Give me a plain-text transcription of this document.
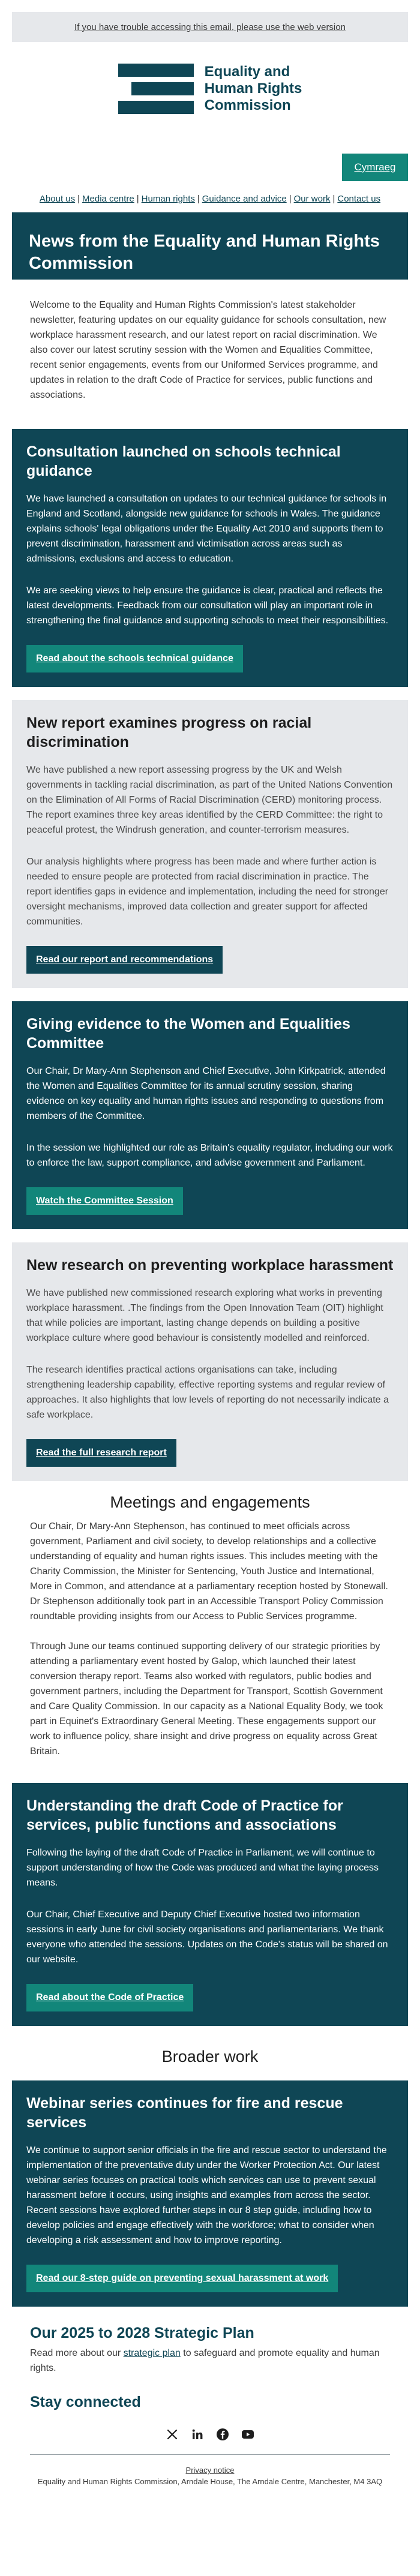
If you have trouble accessing this email, please use the web version
Equality and
Human Rights
Commission
Cymraeg
About us | Media centre | Human rights | Guidance and advice | Our work | Contact us
News from the Equality and Human Rights Commission

Welcome to the Equality and Human Rights Commission's latest stakeholder newsletter, featuring updates on our equality guidance for schools consultation, new workplace harassment research, and our latest report on racial discrimination. We also cover our latest scrutiny session with the Women and Equalities Committee, recent senior engagements, events from our Uniformed Services programme, and updates in relation to the draft Code of Practice for services, public functions and associations.

Consultation launched on schools technical guidance

We have launched a consultation on updates to our technical guidance for schools in England and Scotland, alongside new guidance for schools in Wales. The guidance explains schools' legal obligations under the Equality Act 2010 and supports them to prevent discrimination, harassment and victimisation across areas such as admissions, exclusions and access to education.

We are seeking views to help ensure the guidance is clear, practical and reflects the latest developments. Feedback from our consultation will play an important role in strengthening the final guidance and supporting schools to meet their responsibilities.

Read about the schools technical guidance
New report examines progress on racial discrimination

We have published a new report assessing progress by the UK and Welsh governments in tackling racial discrimination, as part of the United Nations Convention on the Elimination of All Forms of Racial Discrimination (CERD) monitoring process. The report examines three key areas identified by the CERD Committee: the right to peaceful protest, the Windrush generation, and counter-terrorism measures.

Our analysis highlights where progress has been made and where further action is needed to ensure people are protected from racial discrimination in practice. The report identifies gaps in evidence and implementation, including the need for stronger oversight mechanisms, improved data collection and greater support for affected communities.

Read our report and recommendations
Giving evidence to the Women and Equalities Committee

Our Chair, Dr Mary-Ann Stephenson and Chief Executive, John Kirkpatrick, attended the Women and Equalities Committee for its annual scrutiny session, sharing evidence on key equality and human rights issues and responding to questions from members of the Committee.

In the session we highlighted our role as Britain's equality regulator, including our work to enforce the law, support compliance, and advise government and Parliament.

Watch the Committee Session
New research on preventing workplace harassment

We have published new commissioned research exploring what works in preventing workplace harassment. .The findings from the Open Innovation Team (OIT) highlight that while policies are important, lasting change depends on building a positive workplace culture where good behaviour is consistently modelled and reinforced.

The research identifies practical actions organisations can take, including strengthening leadership capability, effective reporting systems and regular review of approaches. It also highlights that low levels of reporting do not necessarily indicate a safe workplace.

Read the full research report
Meetings and engagements

Our Chair, Dr Mary-Ann Stephenson, has continued to meet officials across government, Parliament and civil society, to develop relationships and a collective understanding of equality and human rights issues. This includes meeting with the Charity Commission, the Minister for Sentencing, Youth Justice and International, More in Common, and attendance at a parliamentary reception hosted by Stonewall. Dr Stephenson additionally took part in an Accessible Transport Policy Commission roundtable providing insights from our Access to Public Services programme.

Through June our teams continued supporting delivery of our strategic priorities by attending a parliamentary event hosted by Galop, which launched their latest conversion therapy report. Teams also worked with regulators, public bodies and government partners, including the Department for Transport, Scottish Government and Care Quality Commission. In our capacity as a National Equality Body, we took part in Equinet's Extraordinary General Meeting. These engagements support our work to influence policy, share insight and drive progress on equality across Great Britain.

Understanding the draft Code of Practice for services, public functions and associations

Following the laying of the draft Code of Practice in Parliament, we will continue to support understanding of how the Code was produced and what the laying process means.

Our Chair, Chief Executive and Deputy Chief Executive hosted two information sessions in early June for civil society organisations and parliamentarians. We thank everyone who attended the sessions. Updates on the Code's status will be shared on our website.

Read about the Code of Practice
Broader work
Webinar series continues for fire and rescue services

We continue to support senior officials in the fire and rescue sector to understand the implementation of the preventative duty under the Worker Protection Act. Our latest webinar series focuses on practical tools which services can use to prevent sexual harassment before it occurs, using insights and examples from across the sector. Recent sessions have explored further steps in our 8 step guide, including how to develop policies and engage effectively with the workforce; what to consider when developing a risk assessment and how to improve reporting.

Read our 8-step guide on preventing sexual harassment at work
Our 2025 to 2028 Strategic Plan

Read more about our strategic plan to safeguard and promote equality and human rights.

Stay connected
Privacy notice
Equality and Human Rights Commission, Arndale House, The Arndale Centre, Manchester, M4 3AQ
